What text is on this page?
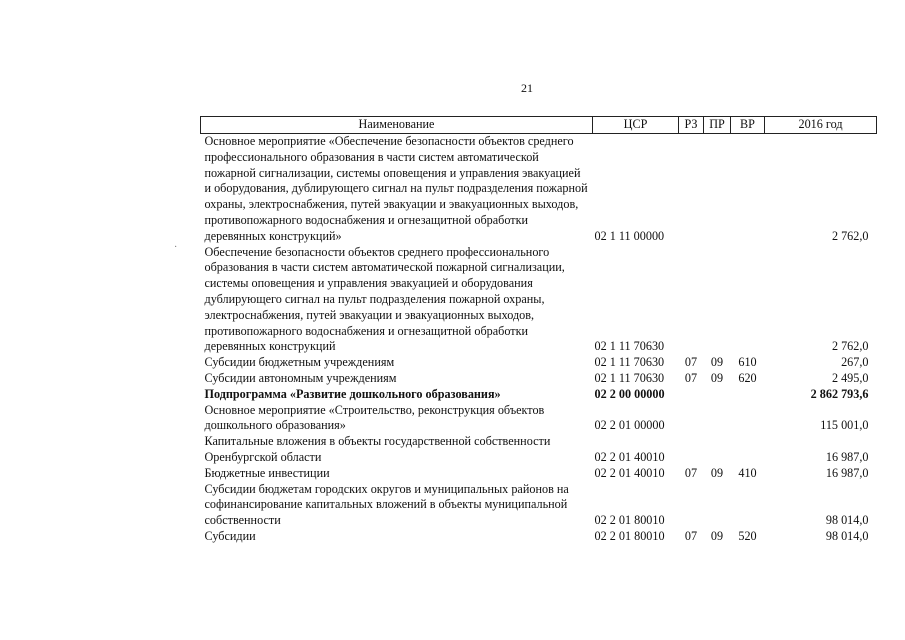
21
·
Наименование	ЦСР	РЗ	ПР	ВР	2016 год
Основное мероприятие «Обеспечение безопасности объектов среднего профессионального образования в части систем автоматической пожарной сигнализации, системы оповещения и управления эвакуацией и оборудования, дублирующего сигнал на пульт подразделения пожарной охраны, электроснабжения, путей эвакуации и эвакуационных выходов, противопожарного водоснабжения и огнезащитной обработки деревянных конструкций»	02 1 11 00000				2 762,0
Обеспечение безопасности объектов среднего профессионального образования в части систем автоматической пожарной сигнализации, системы оповещения и управления эвакуацией и оборудования дублирующего сигнал на пульт подразделения пожарной охраны, электроснабжения, путей эвакуации и эвакуационных выходов, противопожарного водоснабжения и огнезащитной обработки деревянных конструкций	02 1 11 70630				2 762,0
Субсидии бюджетным учреждениям	02 1 11 70630	07	09	610	267,0
Субсидии автономным учреждениям	02 1 11 70630	07	09	620	2 495,0
Подпрограмма «Развитие дошкольного образования»	02 2 00 00000				2 862 793,6
Основное мероприятие «Строительство, реконструкция объектов дошкольного образования»	02 2 01 00000				115 001,0
Капитальные вложения в объекты государственной собственности Оренбургской области	02 2 01 40010				16 987,0
Бюджетные инвестиции	02 2 01 40010	07	09	410	16 987,0
Субсидии бюджетам городских округов и муниципальных районов на софинансирование капитальных вложений в объекты муниципальной собственности	02 2 01 80010				98 014,0
Субсидии	02 2 01 80010	07	09	520	98 014,0
